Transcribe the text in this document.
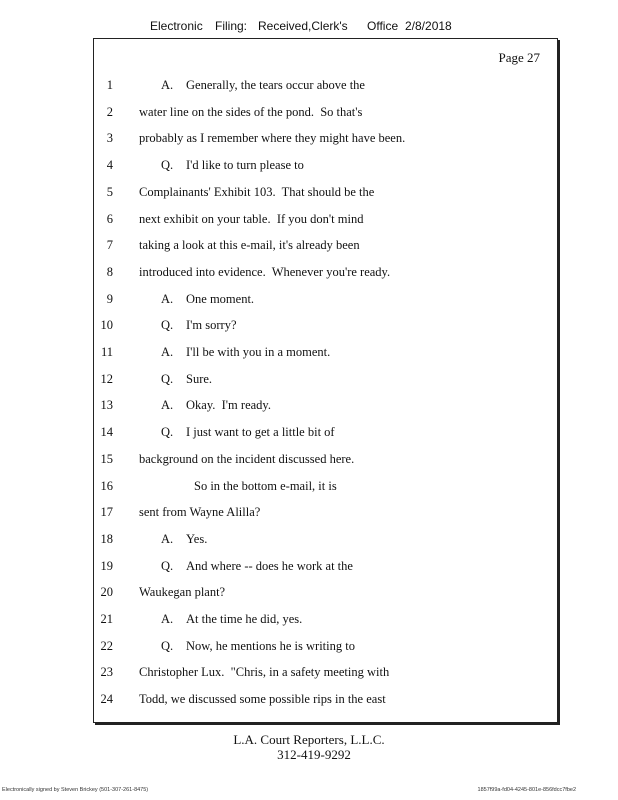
Electronic Filing: Received,Clerk's Office 2/8/2018
Page 27
1	A. Generally, the tears occur above the
2 water line on the sides of the pond.  So that's
3 probably as I remember where they might have been.
4	Q. I'd like to turn please to
5 Complainants' Exhibit 103.  That should be the
6 next exhibit on your table.  If you don't mind
7 taking a look at this e-mail, it's already been
8 introduced into evidence.  Whenever you're ready.
9	A. One moment.
10	Q. I'm sorry?
11	A. I'll be with you in a moment.
12	Q. Sure.
13	A. Okay.  I'm ready.
14	Q. I just want to get a little bit of
15 background on the incident discussed here.
16	So in the bottom e-mail, it is
17 sent from Wayne Alilla?
18	A. Yes.
19	Q. And where -- does he work at the
20 Waukegan plant?
21	A. At the time he did, yes.
22	Q. Now, he mentions he is writing to
23 Christopher Lux.  "Chris, in a safety meeting with
24 Todd, we discussed some possible rips in the east
L.A. Court Reporters, L.L.C.
312-419-9292
Electronically signed by Steven Brickey (501-307-261-8475)	1857f99a-fd04-4245-801e-856fdcc7fbe2
